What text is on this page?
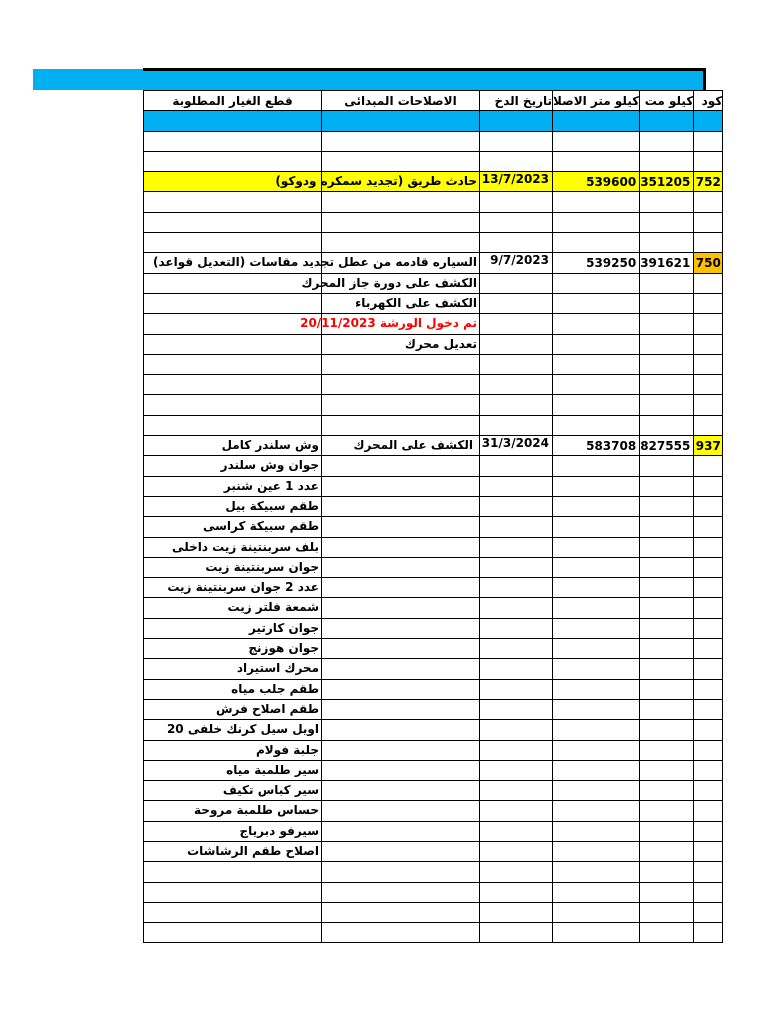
قطع الغيار المطلوبة	الاصلاحات المبدائى	تاريخ الدخ	كيلو متر الاصلا	كيلو مت	كود

	حادث طريق (تجديد سمكره ودوكو)	13/7/2023	539600	351205	752

	السياره قادمه من عطل تجديد مقاسات (التعديل قواعد)	9/7/2023	539250	391621	750

	الكشف على دورة جاز المحرك				

	الكشف على الكهرباء				

	تم دخول الورشة 20/11/2023				

	تعديل محرك				

وش سلندر كامل	الكشف على المحرك	31/3/2024	583708	827555	937

جوان وش سلندر					

عدد 1 عين شنبر					

طقم سبيكة بيل					

طقم سبيكة كراسى					

بلف سربنتينة زيت داخلى					

جوان سربنتينة زيت					

عدد 2 جوان سربنتينة زيت					

شمعة فلتر زيت					

جوان كارتير					

جوان هوزنج					

محرك استيراد					

طقم جلب مياه					

طقم اصلاح فرش					

اويل سيل كرنك خلفى 20					

جلبة فولام					

سير طلمبة مياه					

سير كباس تكيف					

حساس طلمبة مروحة					

سيرفو دبرياج					

اصلاح طقم الرشاشات					
